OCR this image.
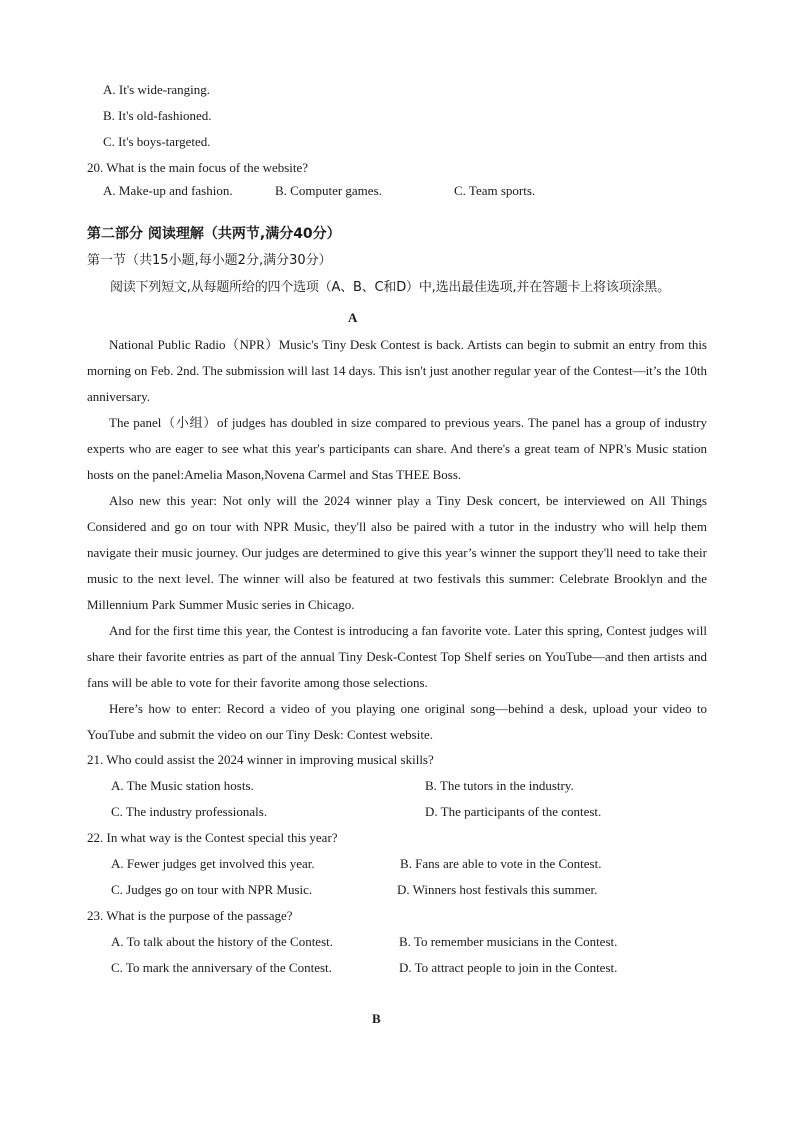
A. It's wide-ranging.
B. It's old-fashioned.
C. It's boys-targeted.
20. What is the main focus of the website?
A. Make-up and fashion.	B. Computer games.	C. Team sports.
第二部分 阅读理解（共两节,满分40分）
第一节（共15小题,每小题2分,满分30分）
阅读下列短文,从每题所给的四个选项（A、B、C和D）中,选出最佳选项,并在答题卡上将该项涂黑。
A

National Public Radio（NPR）Music's Tiny Desk Contest is back. Artists can begin to submit an entry from this morning on Feb. 2nd. The submission will last 14 days. This isn't just another regular year of the Contest—it’s the 10th anniversary.

The panel（小组）of judges has doubled in size compared to previous years. The panel has a group of industry experts who are eager to see what this year's participants can share. And there's a great team of NPR's Music station hosts on the panel:Amelia Mason,Novena Carmel and Stas THEE Boss.

Also new this year: Not only will the 2024 winner play a Tiny Desk concert, be interviewed on All Things Considered and go on tour with NPR Music, they'll also be paired with a tutor in the industry who will help them navigate their music journey. Our judges are determined to give this year’s winner the support they'll need to take their music to the next level. The winner will also be featured at two festivals this summer: Celebrate Brooklyn and the Millennium Park Summer Music series in Chicago.

And for the first time this year, the Contest is introducing a fan favorite vote. Later this spring, Contest judges will share their favorite entries as part of the annual Tiny Desk-Contest Top Shelf series on YouTube—and then artists and fans will be able to vote for their favorite among those selections.

Here’s how to enter: Record a video of you playing one original song—behind a desk, upload your video to YouTube and submit the video on our Tiny Desk: Contest website.

21. Who could assist the 2024 winner in improving musical skills?
A. The Music station hosts.	B. The tutors in the industry.
C. The industry professionals.	D. The participants of the contest.
22. In what way is the Contest special this year?
A. Fewer judges get involved this year.	B. Fans are able to vote in the Contest.
C. Judges go on tour with NPR Music.	D. Winners host festivals this summer.
23. What is the purpose of the passage?
A. To talk about the history of the Contest.	B. To remember musicians in the Contest.
C. To mark the anniversary of the Contest.	D. To attract people to join in the Contest.
B
